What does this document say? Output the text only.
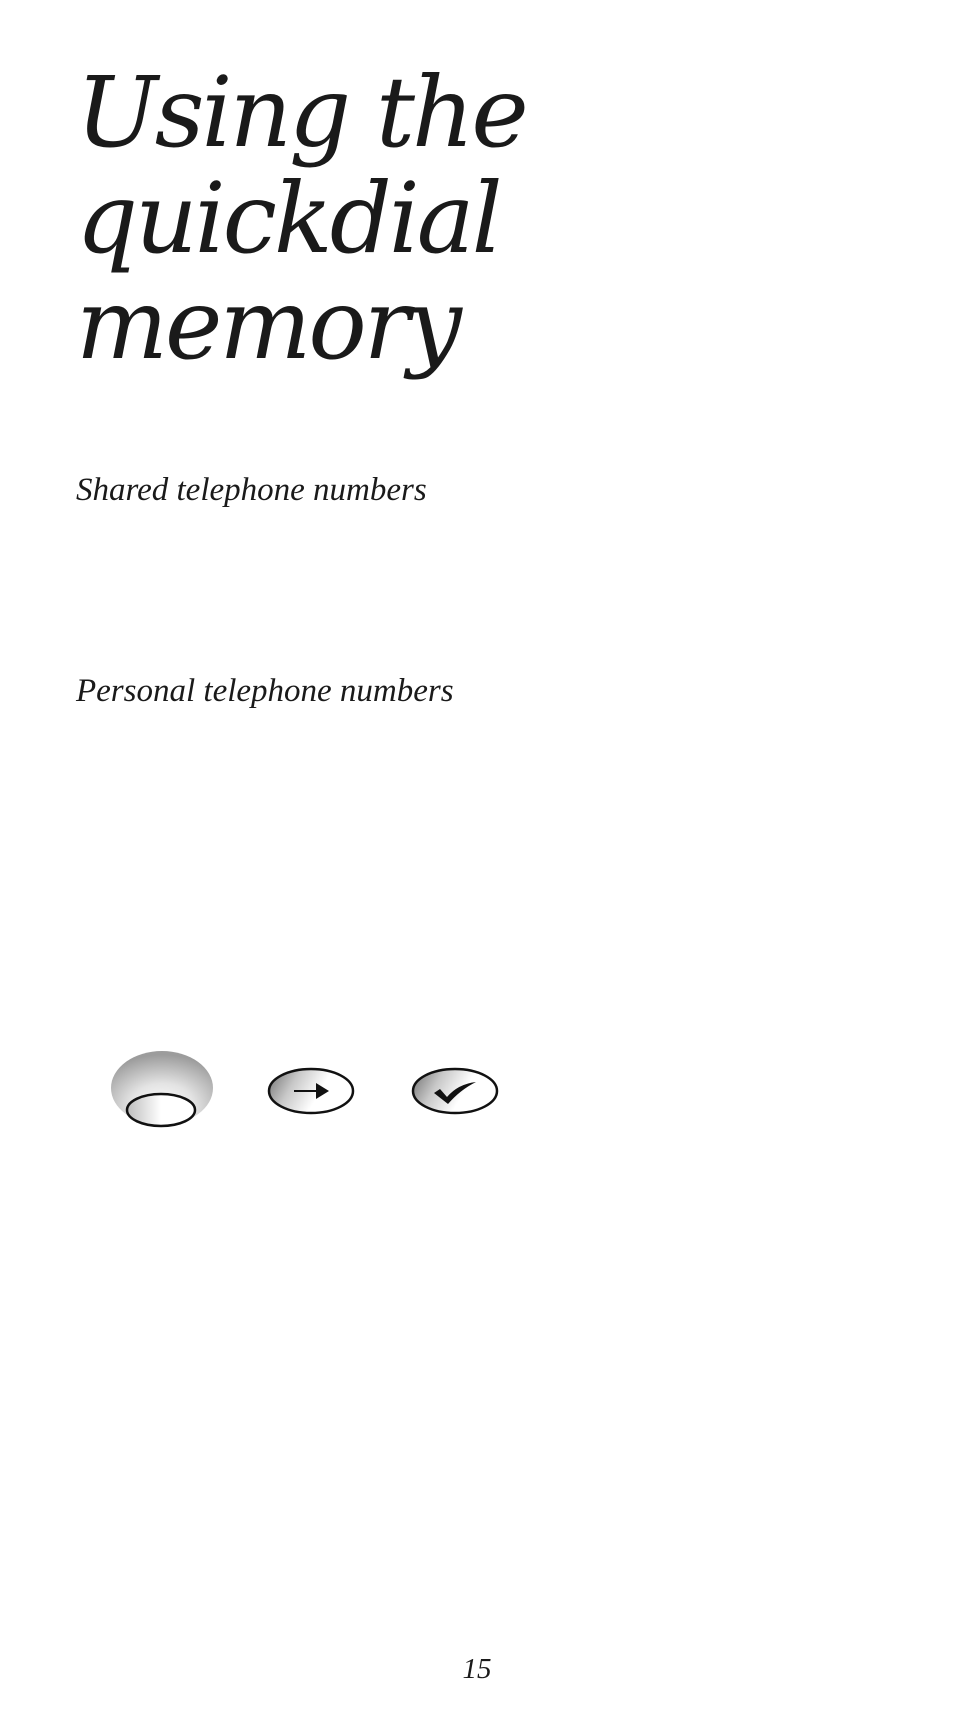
Using the quickdial
memory
Shared telephone numbers
Personal telephone numbers

15
